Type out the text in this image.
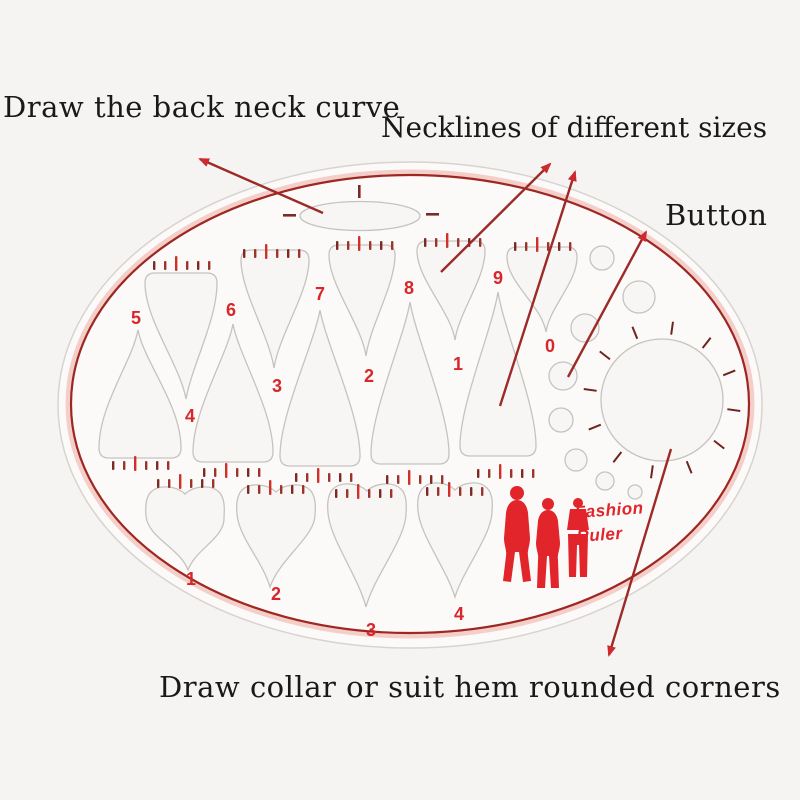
5	6
7	8	9
4
3	2
1
0
1
2
3
4
Fashion
Ruler
Draw the back neck curve
Necklines of different sizes
Button
Draw collar or suit hem rounded corners
